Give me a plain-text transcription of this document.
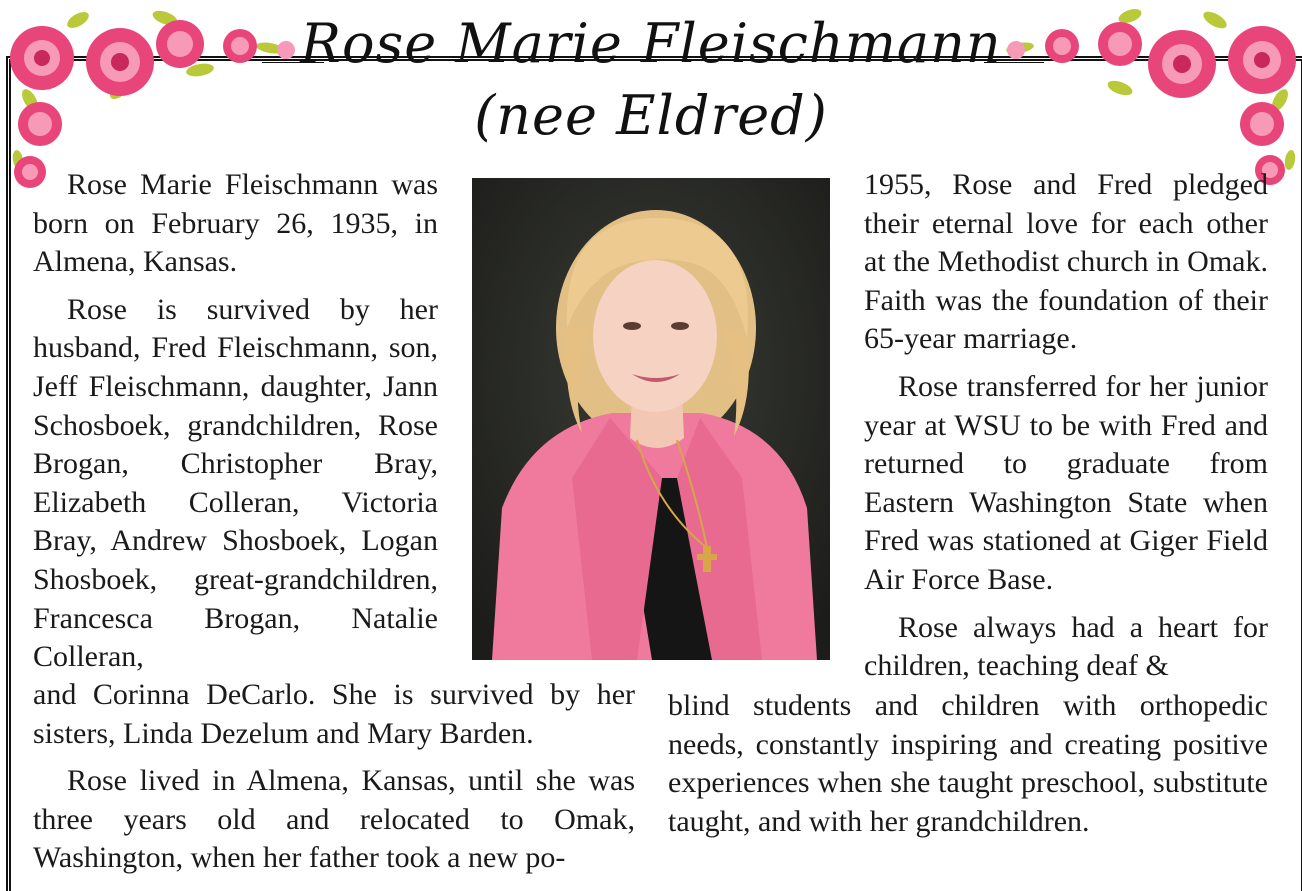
Rose Marie Fleischmann
(nee Eldred)

Rose Marie Fleischmann was born on February 26, 1935, in Almena, Kansas.

Rose is survived by her husband, Fred Fleischmann, son, Jeff Fleischmann, daughter, Jann Schosboek, grandchildren, Rose Brogan, Christopher Bray, Elizabeth Colleran, Victoria Bray, Andrew Shosboek, Logan Shosboek, great-grandchildren, Francesca Brogan, Natalie Colleran,

and Corinna DeCarlo. She is survived by her sisters, Linda Dezelum and Mary Barden.

Rose lived in Almena, Kansas, until she was three years old and relocated to Omak, Washington, when her father took a new po-

1955, Rose and Fred pledged their eternal love for each other at the Methodist church in Omak. Faith was the foundation of their 65-year marriage.

Rose transferred for her junior year at WSU to be with Fred and returned to graduate from Eastern Washington State when Fred was stationed at Giger Field Air Force Base.

Rose always had a heart for children, teaching deaf &

blind students and children with orthopedic needs, constantly inspiring and creating positive experiences when she taught preschool, substitute taught, and with her grandchildren.
